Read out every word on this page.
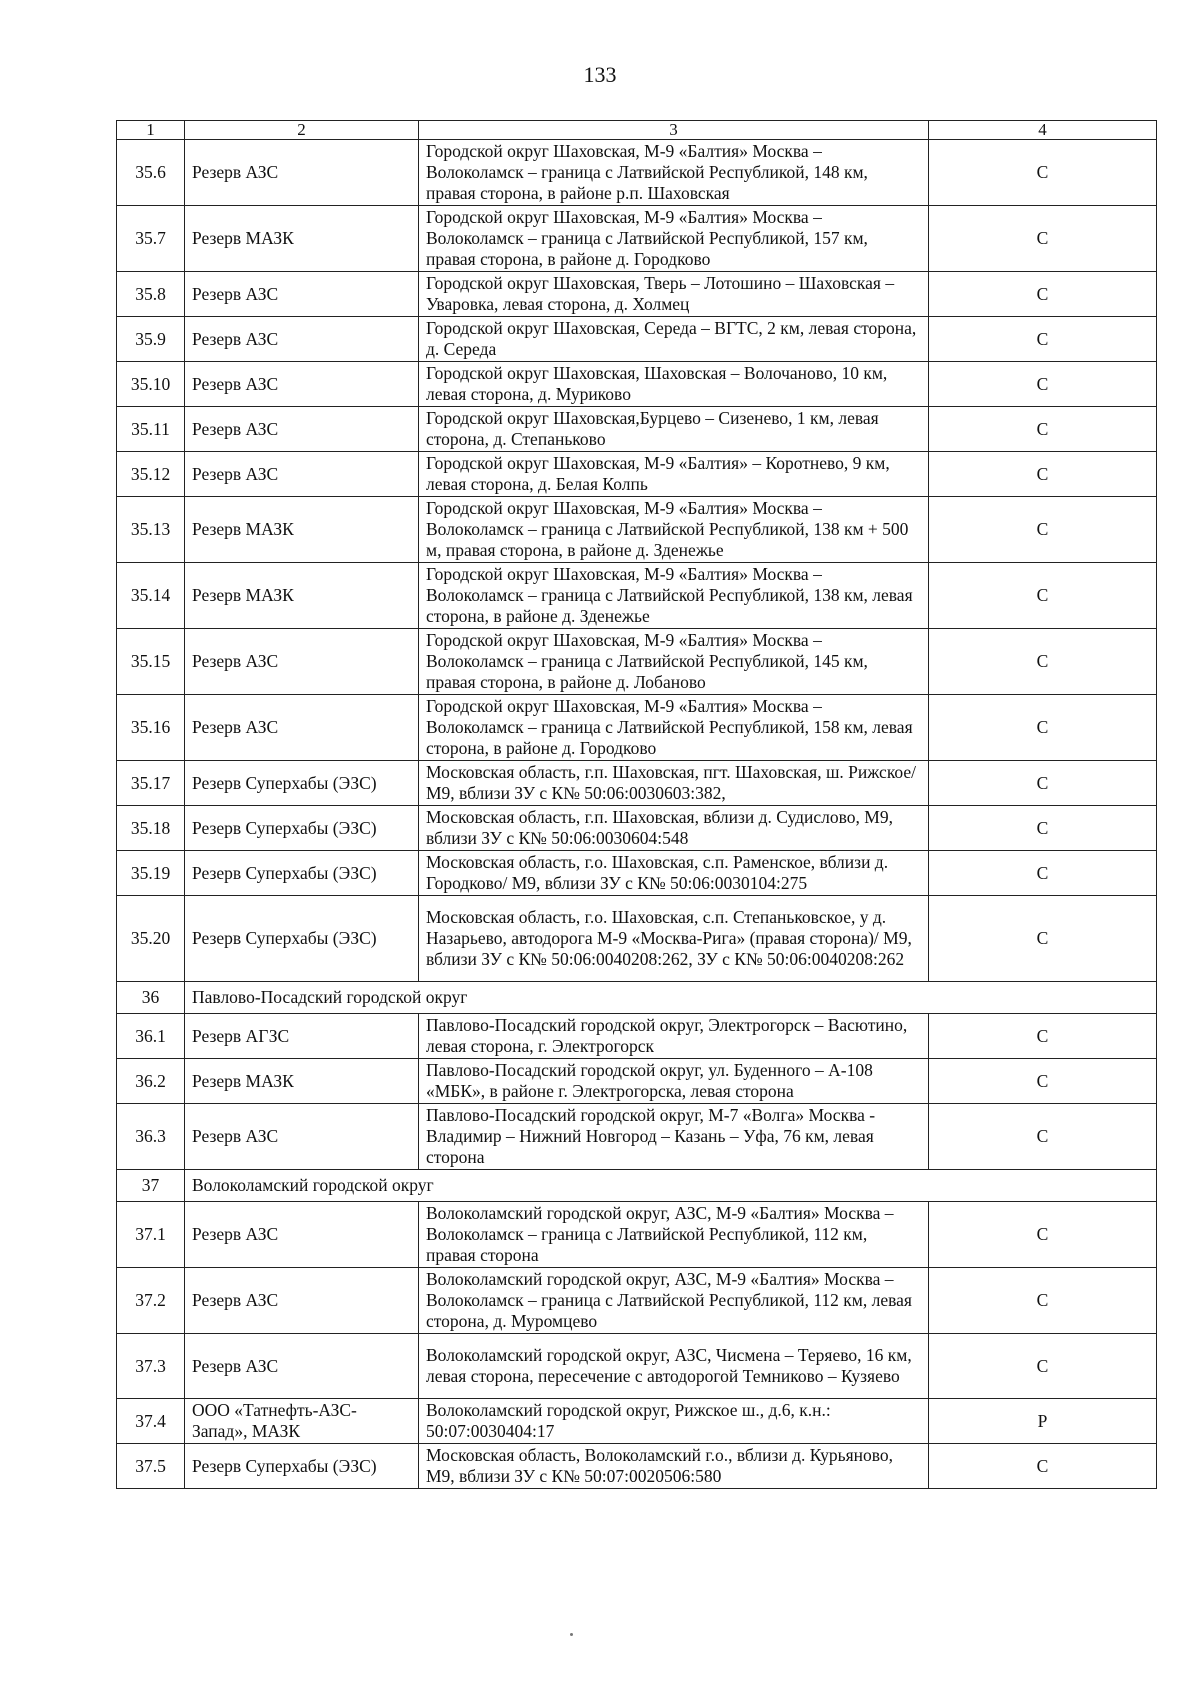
133
1	2	3	4
35.6	Резерв АЗС	Городской округ Шаховская, М-9 «Балтия» Москва – Волоколамск – граница с Латвийской Республикой, 148 км, правая сторона, в районе р.п. Шаховская	С
35.7	Резерв МАЗК	Городской округ Шаховская, М-9 «Балтия» Москва – Волоколамск – граница с Латвийской Республикой, 157 км, правая сторона, в районе д. Городково	С
35.8	Резерв АЗС	Городской округ Шаховская, Тверь – Лотошино – Шаховская – Уваровка, левая сторона, д. Холмец	С
35.9	Резерв АЗС	Городской округ Шаховская, Середа – ВГТС, 2 км, левая сторона, д. Середа	С
35.10	Резерв АЗС	Городской округ Шаховская, Шаховская – Волочаново, 10 км, левая сторона, д. Муриково	С
35.11	Резерв АЗС	Городской округ Шаховская,Бурцево – Сизенево, 1 км, левая сторона, д. Степаньково	С
35.12	Резерв АЗС	Городской округ Шаховская, М-9 «Балтия» – Коротнево, 9 км, левая сторона, д. Белая Колпь	С
35.13	Резерв МАЗК	Городской округ Шаховская, М-9 «Балтия» Москва – Волоколамск – граница с Латвийской Республикой, 138 км + 500 м, правая сторона, в районе д. Зденежье	С
35.14	Резерв МАЗК	Городской округ Шаховская, М-9 «Балтия» Москва – Волоколамск – граница с Латвийской Республикой, 138 км, левая сторона, в районе д. Зденежье	С
35.15	Резерв АЗС	Городской округ Шаховская, М-9 «Балтия» Москва – Волоколамск – граница с Латвийской Республикой, 145 км, правая сторона, в районе д. Лобаново	С
35.16	Резерв АЗС	Городской округ Шаховская, М-9 «Балтия» Москва – Волоколамск – граница с Латвийской Республикой, 158 км, левая сторона, в районе д. Городково	С
35.17	Резерв Суперхабы (ЭЗС)	Московская область, г.п. Шаховская, пгт. Шаховская, ш. Рижское/ М9, вблизи ЗУ с К№ 50:06:0030603:382,	С
35.18	Резерв Суперхабы (ЭЗС)	Московская область, г.п. Шаховская, вблизи д. Судислово, М9, вблизи ЗУ с К№ 50:06:0030604:548	С
35.19	Резерв Суперхабы (ЭЗС)	Московская область, г.о. Шаховская, с.п. Раменское, вблизи д. Городково/ М9, вблизи ЗУ с К№ 50:06:0030104:275	С
35.20	Резерв Суперхабы (ЭЗС)	Московская область, г.о. Шаховская, с.п. Степаньковское, у д. Назарьево, автодорога М-9 «Москва-Рига» (правая сторона)/ М9, вблизи ЗУ с К№ 50:06:0040208:262, ЗУ с К№ 50:06:0040208:262	С
36	Павлово-Посадский городской округ		
36.1	Резерв АГЗС	Павлово-Посадский городской округ, Электрогорск – Васютино, левая сторона, г. Электрогорск	С
36.2	Резерв МАЗК	Павлово-Посадский городской округ, ул. Буденного – А-108 «МБК», в районе г. Электрогорска, левая сторона	С
36.3	Резерв АЗС	Павлово-Посадский городской округ, М-7 «Волга» Москва - Владимир – Нижний Новгород – Казань – Уфа, 76 км, левая сторона	С
37	Волоколамский городской округ		
37.1	Резерв АЗС	Волоколамский городской округ, АЗС, М-9 «Балтия» Москва – Волоколамск – граница с Латвийской Республикой, 112 км, правая сторона	С
37.2	Резерв АЗС	Волоколамский городской округ, АЗС, М-9 «Балтия» Москва – Волоколамск – граница с Латвийской Республикой, 112 км, левая сторона, д. Муромцево	С
37.3	Резерв АЗС	Волоколамский городской округ, АЗС, Чисмена – Теряево, 16 км, левая сторона, пересечение с автодорогой Темниково – Кузяево	С
37.4	ООО «Татнефть-АЗС-Запад», МАЗК	Волоколамский городской округ, Рижское ш., д.6, к.н.: 50:07:0030404:17	Р
37.5	Резерв Суперхабы (ЭЗС)	Московская область, Волоколамский г.о., вблизи д. Курьяново, М9, вблизи ЗУ с К№ 50:07:0020506:580	С
